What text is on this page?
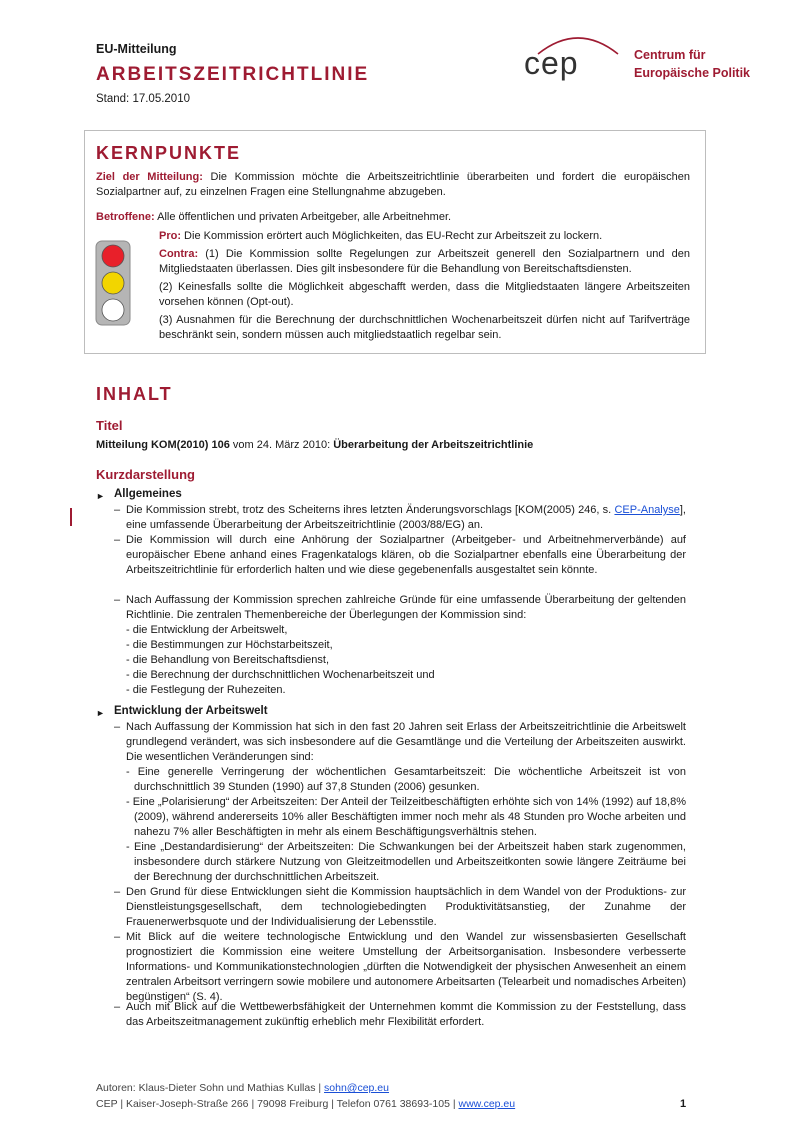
EU-Mitteilung
ARBEITSZEITRICHTLINIE
Stand: 17.05.2010
cep	Centrum für
Europäische Politik
KERNPUNKTE
Ziel der Mitteilung: Die Kommission möchte die Arbeitszeitrichtlinie überarbeiten und fordert die europäischen Sozialpartner auf, zu einzelnen Fragen eine Stellungnahme abzugeben.
Betroffene: Alle öffentlichen und privaten Arbeitgeber, alle Arbeitnehmer.
Pro: Die Kommission erörtert auch Möglichkeiten, das EU-Recht zur Arbeitszeit zu lockern.
Contra: (1) Die Kommission sollte Regelungen zur Arbeitszeit generell den Sozialpartnern und den Mitgliedstaaten überlassen. Dies gilt insbesondere für die Behandlung von Bereitschaftsdiensten.
(2) Keinesfalls sollte die Möglichkeit abgeschafft werden, dass die Mitgliedstaaten längere Arbeitszeiten vorsehen können (Opt-out).
(3) Ausnahmen für die Berechnung der durchschnittlichen Wochenarbeitszeit dürfen nicht auf Tarifverträge beschränkt sein, sondern müssen auch mitgliedstaatlich regelbar sein.
INHALT
Titel
Mitteilung KOM(2010) 106 vom 24. März 2010: Überarbeitung der Arbeitszeitrichtlinie
Kurzdarstellung
► Allgemeines
– Die Kommission strebt, trotz des Scheiterns ihres letzten Änderungsvorschlags [KOM(2005) 246, s. CEP-Analyse], eine umfassende Überarbeitung der Arbeitszeitrichtlinie (2003/88/EG) an.
– Die Kommission will durch eine Anhörung der Sozialpartner (Arbeitgeber- und Arbeitnehmerverbände) auf europäischer Ebene anhand eines Fragenkatalogs klären, ob die Sozialpartner ebenfalls eine Überarbeitung der Arbeitszeitrichtlinie für erforderlich halten und wie diese gegebenenfalls ausgestaltet sein könnte.
– Nach Auffassung der Kommission sprechen zahlreiche Gründe für eine umfassende Überarbeitung der geltenden Richtlinie. Die zentralen Themenbereiche der Überlegungen der Kommission sind:
- die Entwicklung der Arbeitswelt,
- die Bestimmungen zur Höchstarbeitszeit,
- die Behandlung von Bereitschaftsdienst,
- die Berechnung der durchschnittlichen Wochenarbeitszeit und
- die Festlegung der Ruhezeiten.
► Entwicklung der Arbeitswelt
– Nach Auffassung der Kommission hat sich in den fast 20 Jahren seit Erlass der Arbeitszeitrichtlinie die Arbeitswelt grundlegend verändert, was sich insbesondere auf die Gesamtlänge und die Verteilung der Arbeitszeiten auswirkt. Die wesentlichen Veränderungen sind:
- Eine generelle Verringerung der wöchentlichen Gesamtarbeitszeit: Die wöchentliche Arbeitszeit ist von durchschnittlich 39 Stunden (1990) auf 37,8 Stunden (2006) gesunken.
- Eine „Polarisierung“ der Arbeitszeiten: Der Anteil der Teilzeitbeschäftigten erhöhte sich von 14% (1992) auf 18,8% (2009), während andererseits 10% aller Beschäftigten immer noch mehr als 48 Stunden pro Woche arbeiten und nahezu 7% aller Beschäftigten in mehr als einem Beschäftigungsverhältnis stehen.
- Eine „Destandardisierung“ der Arbeitszeiten: Die Schwankungen bei der Arbeitszeit haben stark zugenommen, insbesondere durch stärkere Nutzung von Gleitzeitmodellen und Arbeitszeitkonten sowie längere Zeiträume bei der Berechnung der durchschnittlichen Arbeitszeit.
– Den Grund für diese Entwicklungen sieht die Kommission hauptsächlich in dem Wandel von der Produktions- zur Dienstleistungsgesellschaft, dem technologiebedingten Produktivitätsanstieg, der Zunahme der Frauenerwerbsquote und der Individualisierung der Lebensstile.
– Mit Blick auf die weitere technologische Entwicklung und den Wandel zur wissensbasierten Gesellschaft prognostiziert die Kommission eine weitere Umstellung der Arbeitsorganisation. Insbesondere verbesserte Informations- und Kommunikationstechnologien „dürften die Notwendigkeit der physischen Anwesenheit an einem zentralen Arbeitsort verringern sowie mobilere und autonomere Arbeitsarten (Telearbeit und nomadisches Arbeiten) begünstigen“ (S. 4).
– Auch mit Blick auf die Wettbewerbsfähigkeit der Unternehmen kommt die Kommission zu der Feststellung, dass das Arbeitszeitmanagement zukünftig erheblich mehr Flexibilität erfordert.
Autoren: Klaus-Dieter Sohn und Mathias Kullas | sohn@cep.eu
CEP | Kaiser-Joseph-Straße 266 | 79098 Freiburg | Telefon 0761 38693-105 | www.cep.eu	1
